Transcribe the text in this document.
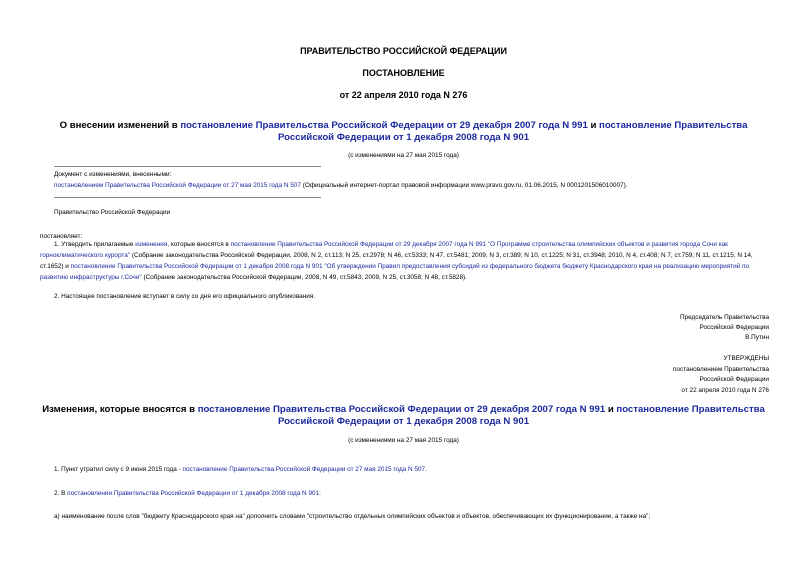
ПРАВИТЕЛЬСТВО РОССИЙСКОЙ ФЕДЕРАЦИИ
ПОСТАНОВЛЕНИЕ
от 22 апреля 2010 года N 276
О внесении изменений в постановление Правительства Российской Федерации от 29 декабря 2007 года N 991 и постановление Правительства Российской Федерации от 1 декабря 2008 года N 901
(с изменениями на 27 мая 2015 года)

Документ с изменениями, внесенными:

постановлением Правительства Российской Федерации от 27 мая 2015 года N 507 (Официальный интернет-портал правовой информации www.pravo.gov.ru, 01.06.2015, N 0001201506010007).

Правительство Российской Федерации
постановляет:
1. Утвердить прилагаемые изменения, которые вносятся в постановление Правительства Российской Федерации от 29 декабря 2007 года N 991 "О Программе строительства олимпийских объектов и развития города Сочи как горноклиматического курорта" (Собрание законодательства Российской Федерации, 2008, N 2, ст.113; N 25, ст.2978; N 46, ст.5333; N 47, ст.5481; 2009, N 3, ст.389; N 10, ст.1225; N 31, ст.3948; 2010, N 4, ст.408; N 7, ст.759; N 11, ст.1215; N 14, ст.1652) и постановление Правительства Российской Федерации от 1 декабря 2008 года N 901 "Об утверждении Правил предоставления субсидий из федерального бюджета бюджету Краснодарского края на реализацию мероприятий по развитию инфраструктуры г.Сочи" (Собрание законодательства Российской Федерации, 2008, N 49, ст.5843; 2009, N 25, ст.3058; N 48, ст.5828).
2. Настоящее постановление вступает в силу со дня его официального опубликования.

Председатель Правительства

Российской Федерации

В.Путин

УТВЕРЖДЕНЫ

постановлением Правительства

Российской Федерации

от 22 апреля 2010 года N 276

Изменения, которые вносятся в постановление Правительства Российской Федерации от 29 декабря 2007 года N 991 и постановление Правительства Российской Федерации от 1 декабря 2008 года N 901
(с изменениями на 27 мая 2015 года)
1. Пункт утратил силу с 9 июня 2015 года - постановление Правительства Российской Федерации от 27 мая 2015 года N 507.
2. В постановлении Правительства Российской Федерации от 1 декабря 2008 года N 901:
а) наименование после слов "бюджету Краснодарского края на" дополнить словами "строительство отдельных олимпийских объектов и объектов, обеспечивающих их функционирование, а также на";
